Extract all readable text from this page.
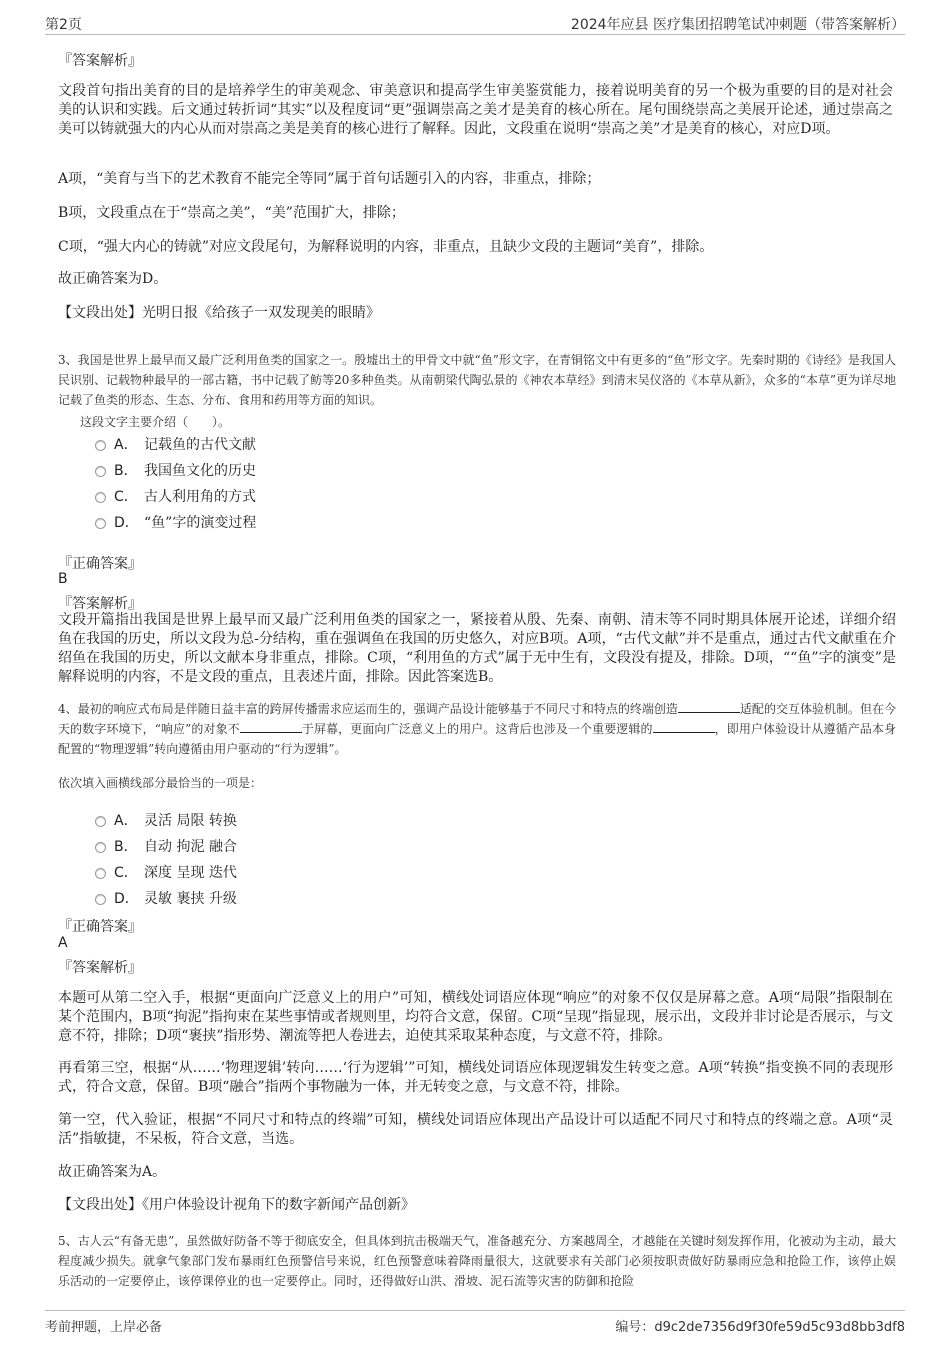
第2页	2024年应县 医疗集团招聘笔试冲刺题（带答案解析）
『答案解析』
文段首句指出美育的目的是培养学生的审美观念、审美意识和提高学生审美鉴赏能力，接着说明美育的另一个极为重要的目的是对社会美的认识和实践。后文通过转折词“其实”以及程度词“更”强调崇高之美才是美育的核心所在。尾句围绕崇高之美展开论述，通过崇高之美可以铸就强大的内心从而对崇高之美是美育的核心进行了解释。因此，文段重在说明“崇高之美”才是美育的核心，对应D项。
A项，“美育与当下的艺术教育不能完全等同”属于首句话题引入的内容，非重点，排除；
B项，文段重点在于“崇高之美”，“美”范围扩大，排除；
C项，“强大内心的铸就”对应文段尾句，为解释说明的内容，非重点，且缺少文段的主题词“美育”，排除。
故正确答案为D。
【文段出处】光明日报《给孩子一双发现美的眼睛》
3、我国是世界上最早而又最广泛利用鱼类的国家之一。殷墟出土的甲骨文中就“鱼”形文字，在青铜铭文中有更多的“鱼”形文字。先秦时期的《诗经》是我国人民识别、记载物种最早的一部古籍，书中记载了鲂等20多种鱼类。从南朝梁代陶弘景的《神农本草经》到清末吴仪洛的《本草从新》，众多的“本草”更为详尽地记载了鱼类的形态、生态、分布、食用和药用等方面的知识。
这段文字主要介绍（　　）。
A． 记载鱼的古代文献
B． 我国鱼文化的历史
C． 古人利用角的方式
D． “鱼”字的演变过程
『正确答案』
B
『答案解析』
文段开篇指出我国是世界上最早而又最广泛利用鱼类的国家之一，紧接着从殷、先秦、南朝、清末等不同时期具体展开论述，详细介绍鱼在我国的历史，所以文段为总-分结构，重在强调鱼在我国的历史悠久，对应B项。A项，“古代文献”并不是重点，通过古代文献重在介绍鱼在我国的历史，所以文献本身非重点，排除。C项，“利用鱼的方式”属于无中生有，文段没有提及，排除。D项，““鱼”字的演变”是解释说明的内容，不是文段的重点，且表述片面，排除。因此答案选B。
4、最初的响应式布局是伴随日益丰富的跨屏传播需求应运而生的，强调产品设计能够基于不同尺寸和特点的终端创造	适配的交互体验机制。但在今天的数字环境下，“响应”的对象不	于屏幕，更面向广泛意义上的用户。这背后也涉及一个重要逻辑的	，即用户体验设计从遵循产品本身配置的“物理逻辑”转向遵循由用户驱动的“行为逻辑”。
依次填入画横线部分最恰当的一项是：
A． 灵活 局限 转换
B． 自动 拘泥 融合
C． 深度 呈现 迭代
D． 灵敏 裹挟 升级
『正确答案』
A
『答案解析』
本题可从第二空入手，根据“更面向广泛意义上的用户”可知，横线处词语应体现“响应”的对象不仅仅是屏幕之意。A项“局限”指限制在某个范围内，B项“拘泥”指拘束在某些事情或者规则里，均符合文意，保留。C项“呈现”指显现，展示出，文段并非讨论是否展示，与文意不符，排除；D项“裹挟”指形势、潮流等把人卷进去，迫使其采取某种态度，与文意不符，排除。
再看第三空，根据“从……‘物理逻辑’转向……‘行为逻辑’”可知，横线处词语应体现逻辑发生转变之意。A项“转换”指变换不同的表现形式，符合文意，保留。B项“融合”指两个事物融为一体，并无转变之意，与文意不符，排除。
第一空，代入验证，根据“不同尺寸和特点的终端”可知，横线处词语应体现出产品设计可以适配不同尺寸和特点的终端之意。A项“灵活”指敏捷，不呆板，符合文意，当选。
故正确答案为A。
【文段出处】《用户体验设计视角下的数字新闻产品创新》
5、古人云“有备无患”，虽然做好防备不等于彻底安全，但具体到抗击极端天气，准备越充分、方案越周全，才越能在关键时刻发挥作用，化被动为主动，最大程度减少损失。就拿气象部门发布暴雨红色预警信号来说，红色预警意味着降雨量很大，这就要求有关部门必须按职责做好防暴雨应急和抢险工作，该停止娱乐活动的一定要停止，该停课停业的也一定要停止。同时，还得做好山洪、滑坡、泥石流等灾害的防御和抢险
考前押题，上岸必备	编号：d9c2de7356d9f30fe59d5c93d8bb3df8
